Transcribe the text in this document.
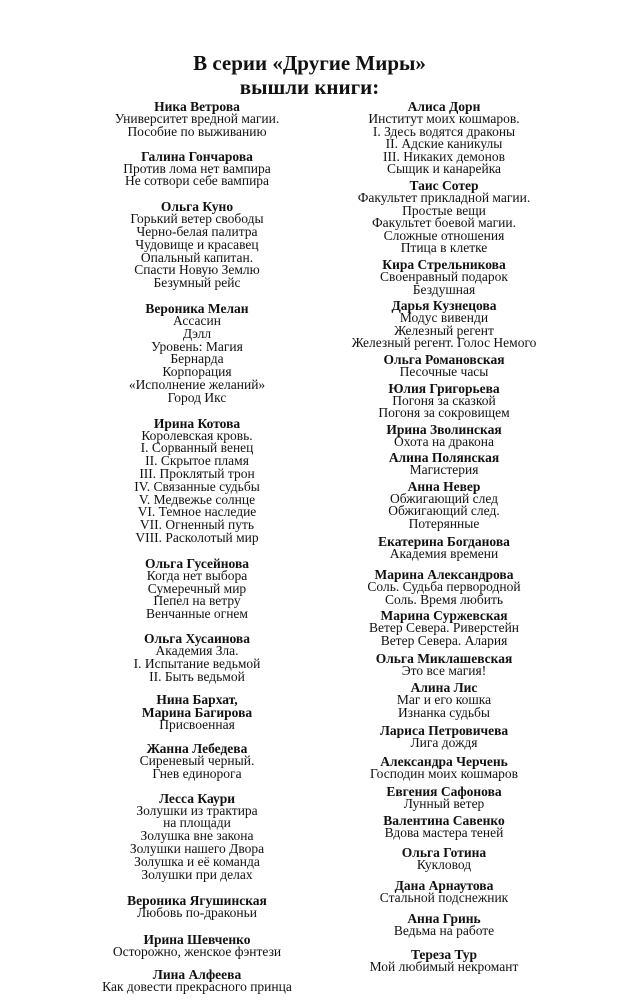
В серии «Другие Миры»
вышли книги:
Ника Ветрова
Университет вредной магии.
Пособие по выживанию
Галина Гончарова
Против лома нет вампира
Не сотвори себе вампира
Ольга Куно
Горький ветер свободы
Черно-белая палитра
Чудовище и красавец
Опальный капитан.
Спасти Новую Землю
Безумный рейс
Вероника Мелан
Ассасин
Дэлл
Уровень: Магия
Бернарда
Корпорация
«Исполнение желаний»
Город Икс
Ирина Котова
Королевская кровь.
I. Сорванный венец
II. Скрытое пламя
III. Проклятый трон
IV. Связанные судьбы
V. Медвежье солнце
VI. Темное наследие
VII. Огненный путь
VIII. Расколотый мир
Ольга Гусейнова
Когда нет выбора
Сумеречный мир
Пепел на ветру
Венчанные огнем
Ольга Хусаинова
Академия Зла.
I. Испытание ведьмой
II. Быть ведьмой
Нина Бархат,
Марина Багирова
Присвоенная
Жанна Лебедева
Сиреневый черный.
Гнев единорога
Лесса Каури
Золушки из трактира
на площади
Золушка вне закона
Золушки нашего Двора
Золушка и её команда
Золушки при делах
Вероника Ягушинская
Любовь по-драконьи
Ирина Шевченко
Осторожно, женское фэнтези
Лина Алфеева
Как довести прекрасного принца
Алиса Дорн
Институт моих кошмаров.
I. Здесь водятся драконы
II. Адские каникулы
III. Никаких демонов
Сыщик и канарейка
Таис Сотер
Факультет прикладной магии.
Простые вещи
Факультет боевой магии.
Сложные отношения
Птица в клетке
Кира Стрельникова
Своенравный подарок
Бездушная
Дарья Кузнецова
Модус вивенди
Железный регент
Железный регент. Голос Немого
Ольга Романовская
Песочные часы
Юлия Григорьева
Погоня за сказкой
Погоня за сокровищем
Ирина Зволинская
Охота на дракона
Алина Полянская
Магистерия
Анна Невер
Обжигающий след
Обжигающий след.
Потерянные
Екатерина Богданова
Академия времени
Марина Александрова
Соль. Судьба первородной
Соль. Время любить
Марина Суржевская
Ветер Севера. Риверстейн
Ветер Севера. Алария
Ольга Миклашевская
Это все магия!
Алина Лис
Маг и его кошка
Изнанка судьбы
Лариса Петровичева
Лига дождя
Александра Черчень
Господин моих кошмаров
Евгения Сафонова
Лунный ветер
Валентина Савенко
Вдова мастера теней
Ольга Готина
Кукловод
Дана Арнаутова
Стальной подснежник
Анна Гринь
Ведьма на работе
Тереза Тур
Мой любимый некромант
